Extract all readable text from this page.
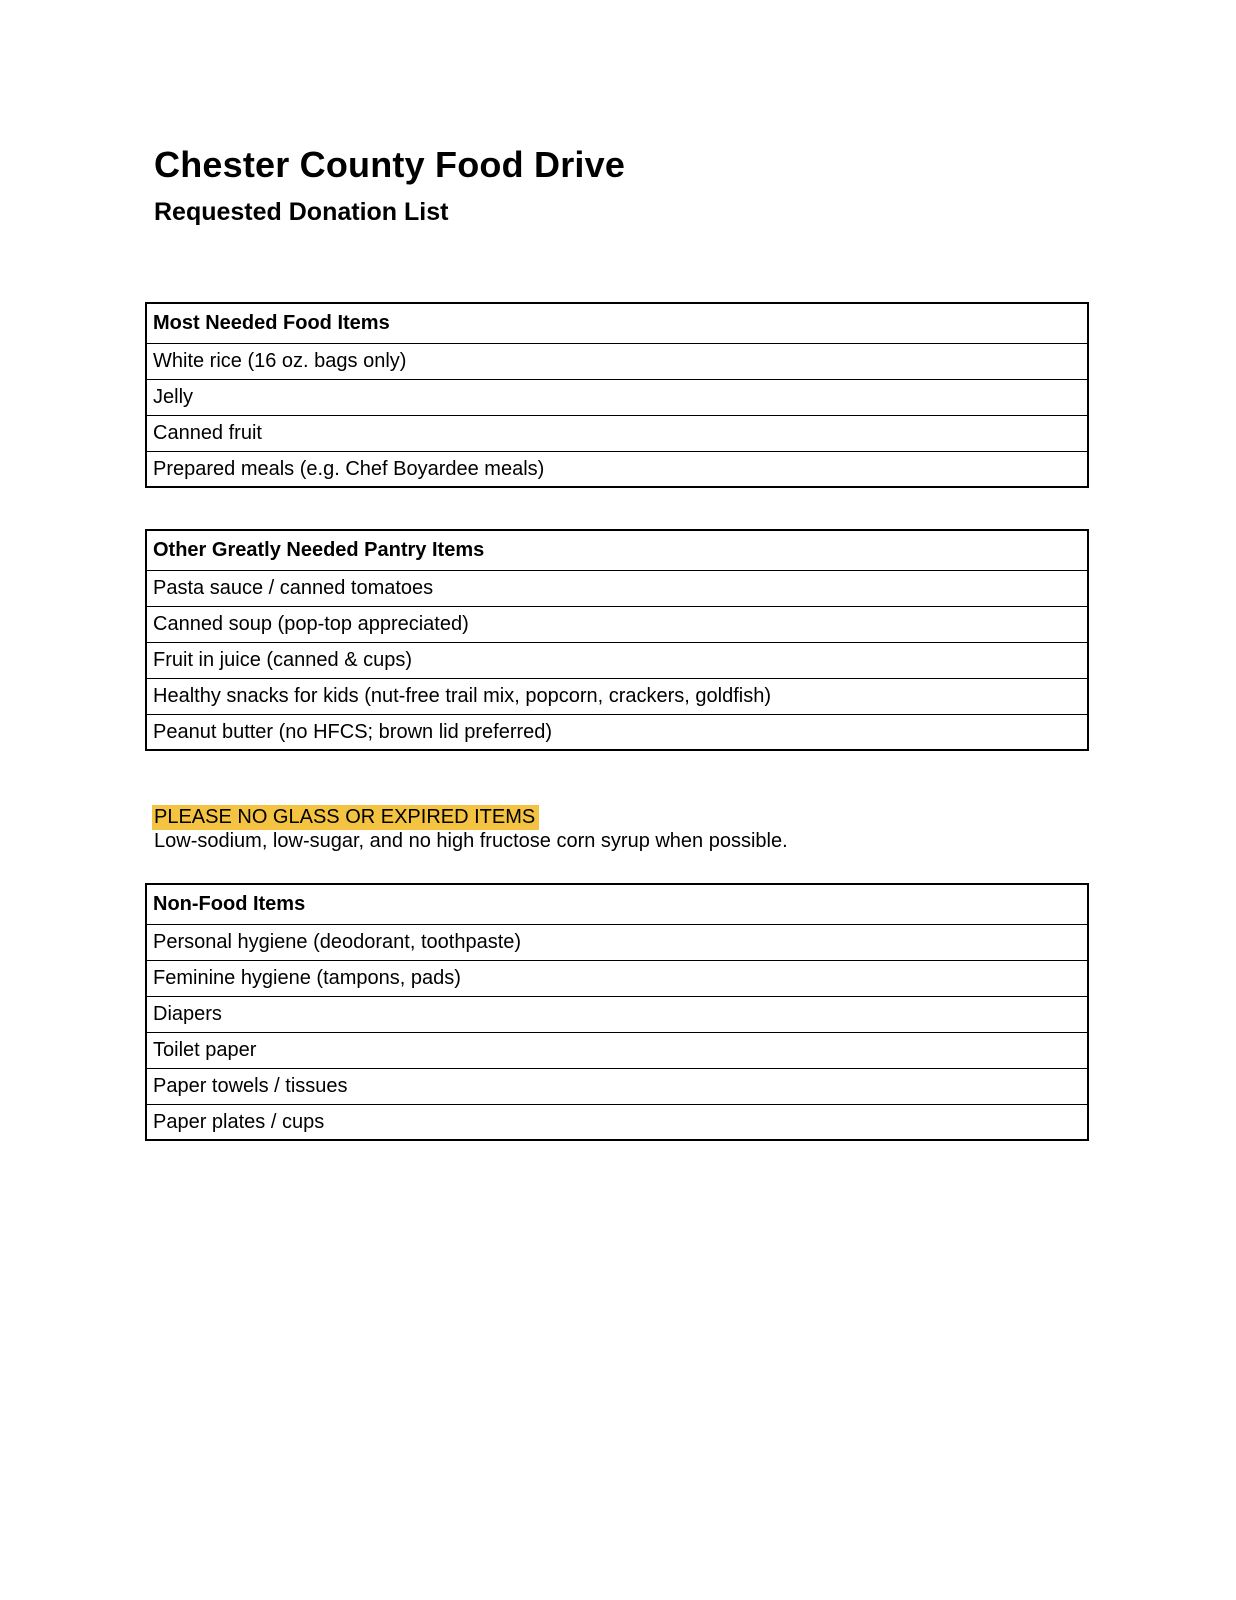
Chester County Food Drive
Requested Donation List
Most Needed Food Items
White rice (16 oz. bags only)
Jelly
Canned fruit
Prepared meals (e.g. Chef Boyardee meals)
Other Greatly Needed Pantry Items
Pasta sauce / canned tomatoes
Canned soup (pop-top appreciated)
Fruit in juice (canned & cups)
Healthy snacks for kids (nut-free trail mix, popcorn, crackers, goldfish)
Peanut butter (no HFCS; brown lid preferred)
PLEASE NO GLASS OR EXPIRED ITEMS
Low-sodium, low-sugar, and no high fructose corn syrup when possible.
Non-Food Items
Personal hygiene (deodorant, toothpaste)
Feminine hygiene (tampons, pads)
Diapers
Toilet paper
Paper towels / tissues
Paper plates / cups
